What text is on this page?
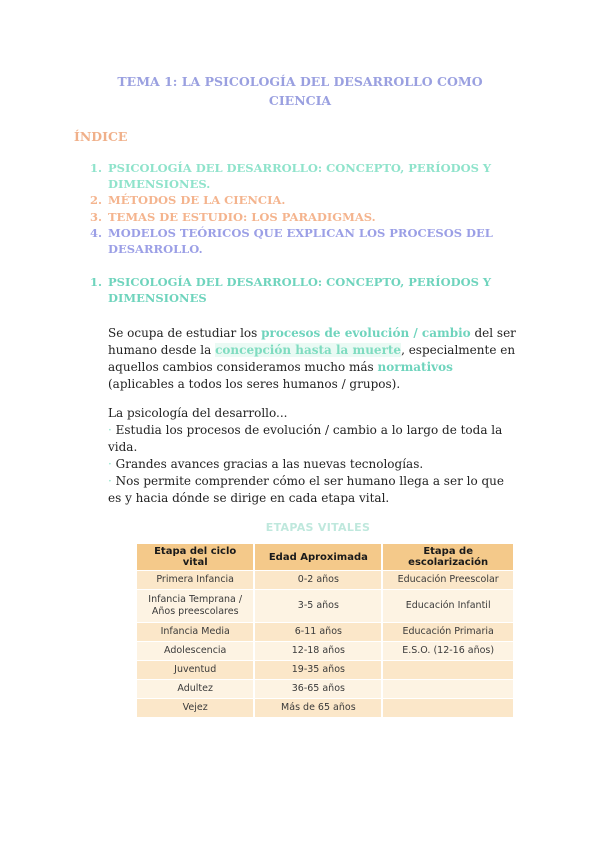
TEMA 1: LA PSICOLOGÍA DEL DESARROLLO COMO
CIENCIA
ÍNDICE
1. PSICOLOGÍA DEL DESARROLLO: CONCEPTO, PERÍODOS Y DIMENSIONES.
2. MÉTODOS DE LA CIENCIA.
3. TEMAS DE ESTUDIO: LOS PARADIGMAS.
4. MODELOS TEÓRICOS QUE EXPLICAN LOS PROCESOS DEL DESARROLLO.
1. PSICOLOGÍA DEL DESARROLLO: CONCEPTO, PERÍODOS Y DIMENSIONES
Se ocupa de estudiar los procesos de evolución / cambio del ser humano desde la concepción hasta la muerte, especialmente en aquellos cambios consideramos mucho más normativos (aplicables a todos los seres humanos / grupos).
La psicología del desarrollo...
· Estudia los procesos de evolución / cambio a lo largo de toda la vida.
· Grandes avances gracias a las nuevas tecnologías.
· Nos permite comprender cómo el ser humano llega a ser lo que es y hacia dónde se dirige en cada etapa vital.
ETAPAS VITALES
Etapa del ciclo vital	Edad Aproximada	Etapa de escolarización
Primera Infancia	0-2 años	Educación Preescolar
Infancia Temprana / Años preescolares	3-5 años	Educación Infantil
Infancia Media	6-11 años	Educación Primaria
Adolescencia	12-18 años	E.S.O. (12-16 años)
Juventud	19-35 años	
Adultez	36-65 años	
Vejez	Más de 65 años	
